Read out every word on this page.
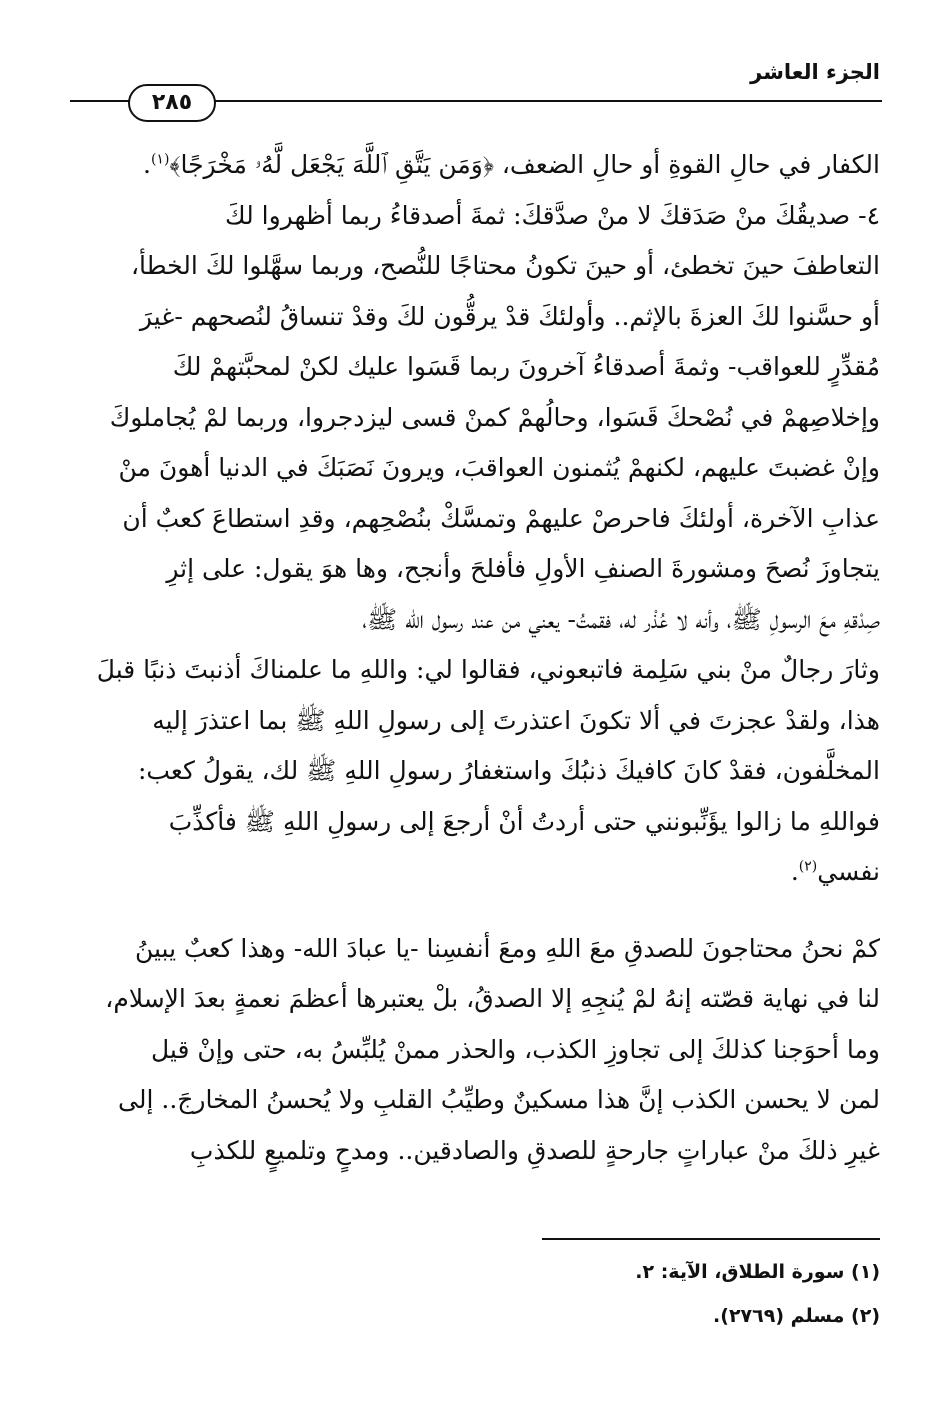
الجزء العاشر
٢٨٥
الكفار في حالِ القوةِ أو حالِ الضعف، ﴿وَمَن يَتَّقِ ٱللَّهَ يَجْعَل لَّهُۥ مَخْرَجًا﴾$^{(١)}$.
٤- صديقُكَ منْ صَدَقكَ لا منْ صدَّقكَ: ثمةَ أصدقاءُ ربما أظهروا لكَ
التعاطفَ حينَ تخطئ، أو حينَ تكونُ محتاجًا للنُّصح، وربما سهَّلوا لكَ الخطأ،
أو حسَّنوا لكَ العزةَ بالإثم.. وأولئكَ قدْ يرقُّون لكَ وقدْ تنساقُ لنُصحهم -غيرَ
مُقدِّرٍ للعواقب- وثمةَ أصدقاءُ آخرونَ ربما قَسَوا عليك لكنْ لمحبَّتهمْ لكَ
وإخلاصِهمْ في نُصْحكَ قَسَوا، وحالُهمْ كمنْ قسى ليزدجروا، وربما لمْ يُجاملوكَ
وإنْ غضبتَ عليهم، لكنهمْ يُثمنون العواقبَ، ويرونَ نَصَبَكَ في الدنيا أهونَ منْ
عذابِ الآخرة، أولئكَ فاحرصْ عليهمْ وتمسَّكْ بنُصْحِهم، وقدِ استطاعَ كعبٌ أن
يتجاوزَ نُصحَ ومشورةَ الصنفِ الأولِ فأفلحَ وأنجح، وها هوَ يقول: على إثرِ
صِدْقهِ معَ الرسولِ ﷺ، وأنه لا عُذْر له، فقمتُ- يعني من عند رسول الله ﷺ،
وثارَ رجالٌ منْ بني سَلِمة فاتبعوني، فقالوا لي: واللهِ ما علمناكَ أذنبتَ ذنبًا قبلَ
هذا، ولقدْ عجزتَ في ألا تكونَ اعتذرتَ إلى رسولِ اللهِ ﷺ بما اعتذرَ إليه
المخلَّفون، فقدْ كانَ كافيكَ ذنبُكَ واستغفارُ رسولِ اللهِ ﷺ لك، يقولُ كعب:
فواللهِ ما زالوا يؤَنِّبونني حتى أردتُ أنْ أرجعَ إلى رسولِ اللهِ ﷺ فأكذِّبَ
نفسي$^{(٢)}$.
كمْ نحنُ محتاجونَ للصدقِ معَ اللهِ ومعَ أنفسِنا -يا عبادَ الله- وهذا كعبٌ يبينُ
لنا في نهاية قصّته إنهُ لمْ يُنجِهِ إلا الصدقُ، بلْ يعتبرها أعظمَ نعمةٍ بعدَ الإسلام،
وما أحوَجنا كذلكَ إلى تجاوزِ الكذب، والحذر ممنْ يُلبِّسُ به، حتى وإنْ قيل
لمن لا يحسن الكذب إنَّ هذا مسكينٌ وطيِّبُ القلبِ ولا يُحسنُ المخارجَ.. إلى
غيرِ ذلكَ منْ عباراتٍ جارحةٍ للصدقِ والصادقين.. ومدحٍ وتلميعٍ للكذبِ
(١) سورة الطلاق، الآية: ٢.
(٢) مسلم (٢٧٦٩).
